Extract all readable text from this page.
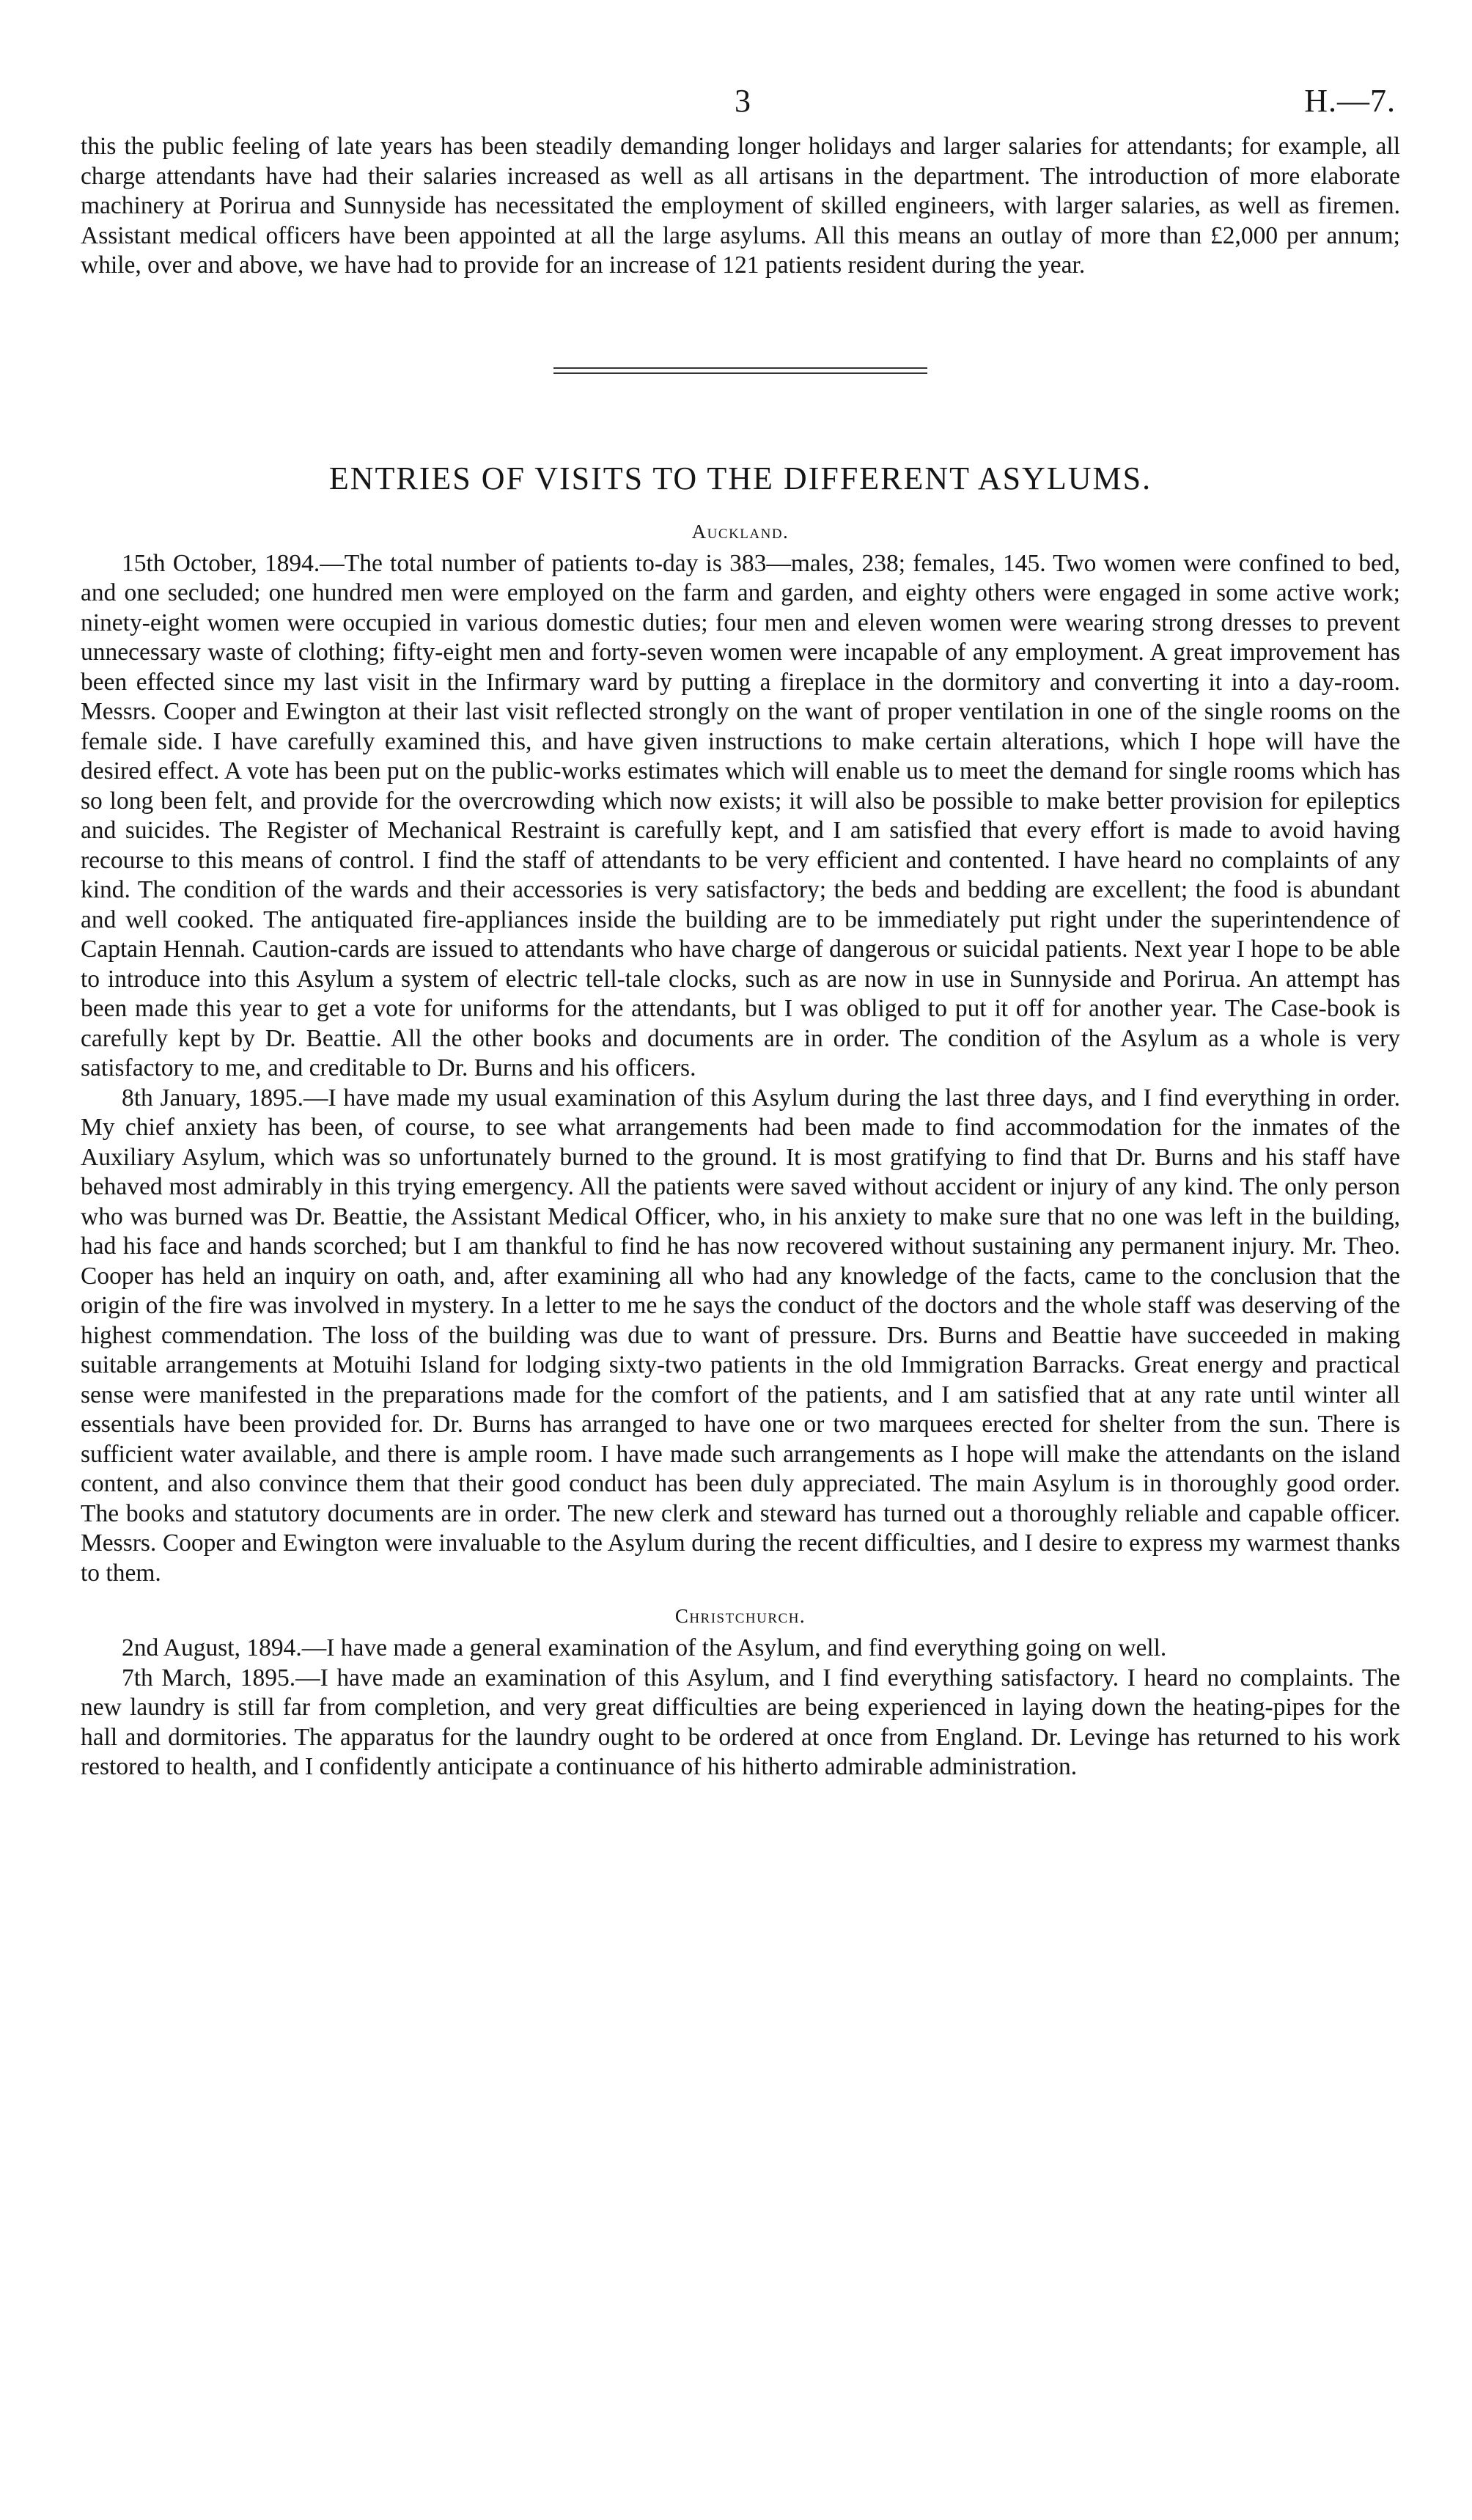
3	H.—7.

this the public feeling of late years has been steadily demanding longer holidays and larger salaries for attendants; for example, all charge attendants have had their salaries increased as well as all artisans in the department. The introduction of more elaborate machinery at Porirua and Sunnyside has necessitated the employment of skilled engineers, with larger salaries, as well as firemen. Assistant medical officers have been appointed at all the large asylums. All this means an outlay of more than £2,000 per annum; while, over and above, we have had to provide for an increase of 121 patients resident during the year.

ENTRIES OF VISITS TO THE DIFFERENT ASYLUMS.
Auckland.

15th October, 1894.—The total number of patients to-day is 383—males, 238; females, 145. Two women were confined to bed, and one secluded; one hundred men were employed on the farm and garden, and eighty others were engaged in some active work; ninety-eight women were occupied in various domestic duties; four men and eleven women were wearing strong dresses to prevent unnecessary waste of clothing; fifty-eight men and forty-seven women were incapable of any employment. A great improvement has been effected since my last visit in the Infirmary ward by putting a fireplace in the dormitory and converting it into a day-room. Messrs. Cooper and Ewington at their last visit reflected strongly on the want of proper ventilation in one of the single rooms on the female side. I have carefully examined this, and have given instructions to make certain alterations, which I hope will have the desired effect. A vote has been put on the public-works estimates which will enable us to meet the demand for single rooms which has so long been felt, and provide for the overcrowding which now exists; it will also be possible to make better provision for epileptics and suicides. The Register of Mechanical Restraint is carefully kept, and I am satisfied that every effort is made to avoid having recourse to this means of control. I find the staff of attendants to be very efficient and contented. I have heard no complaints of any kind. The condition of the wards and their accessories is very satisfactory; the beds and bedding are excellent; the food is abundant and well cooked. The antiquated fire-appliances inside the building are to be immediately put right under the superintendence of Captain Hennah. Caution-cards are issued to attendants who have charge of dangerous or suicidal patients. Next year I hope to be able to introduce into this Asylum a system of electric tell-tale clocks, such as are now in use in Sunnyside and Porirua. An attempt has been made this year to get a vote for uniforms for the attendants, but I was obliged to put it off for another year. The Case-book is carefully kept by Dr. Beattie. All the other books and documents are in order. The condition of the Asylum as a whole is very satisfactory to me, and creditable to Dr. Burns and his officers.

8th January, 1895.—I have made my usual examination of this Asylum during the last three days, and I find everything in order. My chief anxiety has been, of course, to see what arrangements had been made to find accommodation for the inmates of the Auxiliary Asylum, which was so unfortunately burned to the ground. It is most gratifying to find that Dr. Burns and his staff have behaved most admirably in this trying emergency. All the patients were saved without accident or injury of any kind. The only person who was burned was Dr. Beattie, the Assistant Medical Officer, who, in his anxiety to make sure that no one was left in the building, had his face and hands scorched; but I am thankful to find he has now recovered without sustaining any permanent injury. Mr. Theo. Cooper has held an inquiry on oath, and, after examining all who had any knowledge of the facts, came to the conclusion that the origin of the fire was involved in mystery. In a letter to me he says the conduct of the doctors and the whole staff was deserving of the highest commendation. The loss of the building was due to want of pressure. Drs. Burns and Beattie have succeeded in making suitable arrangements at Motuihi Island for lodging sixty-two patients in the old Immigration Barracks. Great energy and practical sense were manifested in the preparations made for the comfort of the patients, and I am satisfied that at any rate until winter all essentials have been provided for. Dr. Burns has arranged to have one or two marquees erected for shelter from the sun. There is sufficient water available, and there is ample room. I have made such arrangements as I hope will make the attendants on the island content, and also convince them that their good conduct has been duly appreciated. The main Asylum is in thoroughly good order. The books and statutory documents are in order. The new clerk and steward has turned out a thoroughly reliable and capable officer. Messrs. Cooper and Ewington were invaluable to the Asylum during the recent difficulties, and I desire to express my warmest thanks to them.

Christchurch.

2nd August, 1894.—I have made a general examination of the Asylum, and find everything going on well.

7th March, 1895.—I have made an examination of this Asylum, and I find everything satisfactory. I heard no complaints. The new laundry is still far from completion, and very great difficulties are being experienced in laying down the heating-pipes for the hall and dormitories. The apparatus for the laundry ought to be ordered at once from England. Dr. Levinge has returned to his work restored to health, and I confidently anticipate a continuance of his hitherto admirable administration.
